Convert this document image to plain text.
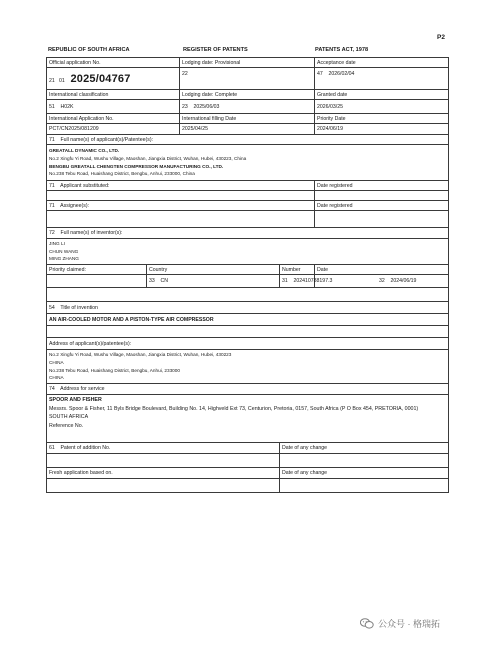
P2
REPUBLIC OF SOUTH AFRICA	REGISTER OF PATENTS	PATENTS ACT, 1978
Official application No.		Lodging date: Provisional		Acceptance date
21 01 2025/04767		22		47 2026/02/04
International classification		Lodging date: Complete		Granted date
51 H02K		23 2025/06/03		2026/03/25
International Application No.		International filling Date		Priority Date
PCT/CN2025/081209		2025/04/25		2024/06/19
71 Full name(s) of applicant(s)/Patentee(s):				

GREATALL DYNAMIC CO., LTD.
No.2 Xingfu Yi Road, Wushu Village, Maoshan, Jiangxia District, Wuhan, Hubei, 430223, China
BENGBU GREATALL CHENGTEN COMPRESSOR MANUFACTURING CO., LTD.
No.238 Tebu Road, Huaishang District, Bengbu, Anhui, 233000, China				

71 Applicant substituted:				Date registered

71 Assignee(s):				Date registered

72 Full name(s) of inventor(s):				

JING LI
CHUN WANG
MING ZHANG				

Priority claimed:	Country		Number	Date
	33 CN		31 202410788197.3	32 2024/06/19

54 Title of invention				
AN AIR-COOLED MOTOR AND A PISTON-TYPE AIR COMPRESSOR				

Address of applicant(s)/patentee(s):				

No.2 Xingfu Yi Road, Wushu Village, Maoshan, Jiangxia District, Wuhan, Hubei, 430223
CHINA
No.238 Tebu Road, Huaishang District, Bengbu, Anhui, 233000
CHINA				

74 Address for service				

SPOOR AND FISHER
Messrs. Spoor & Fisher, 11 Byls Bridge Boulevard, Building No. 14, Highveld Ext 73, Centurion, Pretoria, 0157, South Africa (P O Box 454, PRETORIA, 0001)
SOUTH AFRICA
Reference No.				

61 Patent of addition No.			Date of any change	

Fresh application based on.			Date of any change	

公众号 · 格瑞拓
